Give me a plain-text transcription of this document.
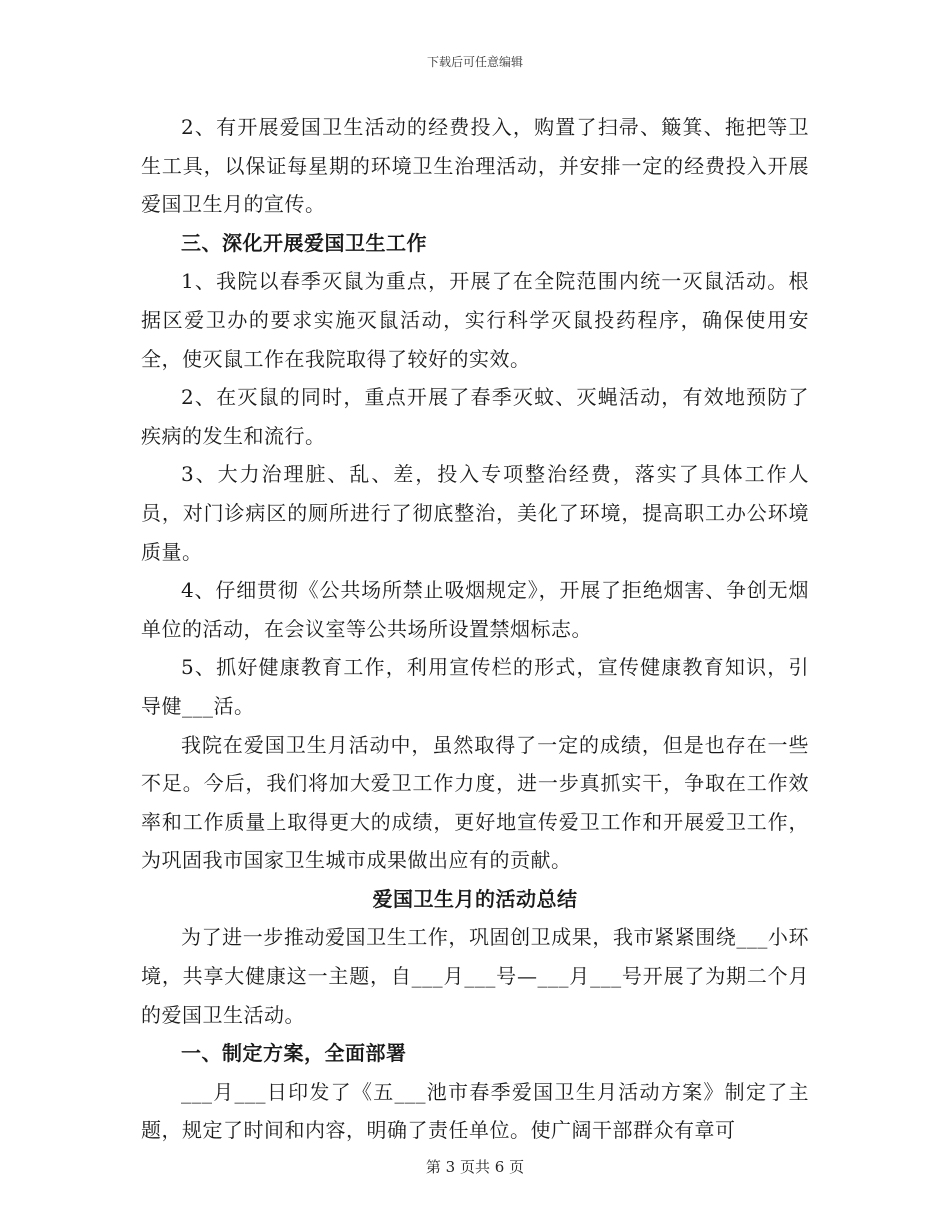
下载后可任意编辑

2、有开展爱国卫生活动的经费投入，购置了扫帚、簸箕、拖把等卫生工具，以保证每星期的环境卫生治理活动，并安排一定的经费投入开展爱国卫生月的宣传。

三、深化开展爱国卫生工作

1、我院以春季灭鼠为重点，开展了在全院范围内统一灭鼠活动。根据区爱卫办的要求实施灭鼠活动，实行科学灭鼠投药程序，确保使用安全，使灭鼠工作在我院取得了较好的实效。

2、在灭鼠的同时，重点开展了春季灭蚊、灭蝇活动，有效地预防了疾病的发生和流行。

3、大力治理脏、乱、差，投入专项整治经费，落实了具体工作人员，对门诊病区的厕所进行了彻底整治，美化了环境，提高职工办公环境质量。

4、仔细贯彻《公共场所禁止吸烟规定》，开展了拒绝烟害、争创无烟单位的活动，在会议室等公共场所设置禁烟标志。

5、抓好健康教育工作，利用宣传栏的形式，宣传健康教育知识，引导健___活。

我院在爱国卫生月活动中，虽然取得了一定的成绩，但是也存在一些不足。今后，我们将加大爱卫工作力度，进一步真抓实干，争取在工作效率和工作质量上取得更大的成绩，更好地宣传爱卫工作和开展爱卫工作，为巩固我市国家卫生城市成果做出应有的贡献。

爱国卫生月的活动总结

为了进一步推动爱国卫生工作，巩固创卫成果，我市紧紧围绕___小环境，共享大健康这一主题，自___月___号—___月___号开展了为期二个月的爱国卫生活动。

一、制定方案，全面部署

___月___日印发了《五___池市春季爱国卫生月活动方案》制定了主题，规定了时间和内容，明确了责任单位。使广阔干部群众有章可

第 3 页共 6 页
